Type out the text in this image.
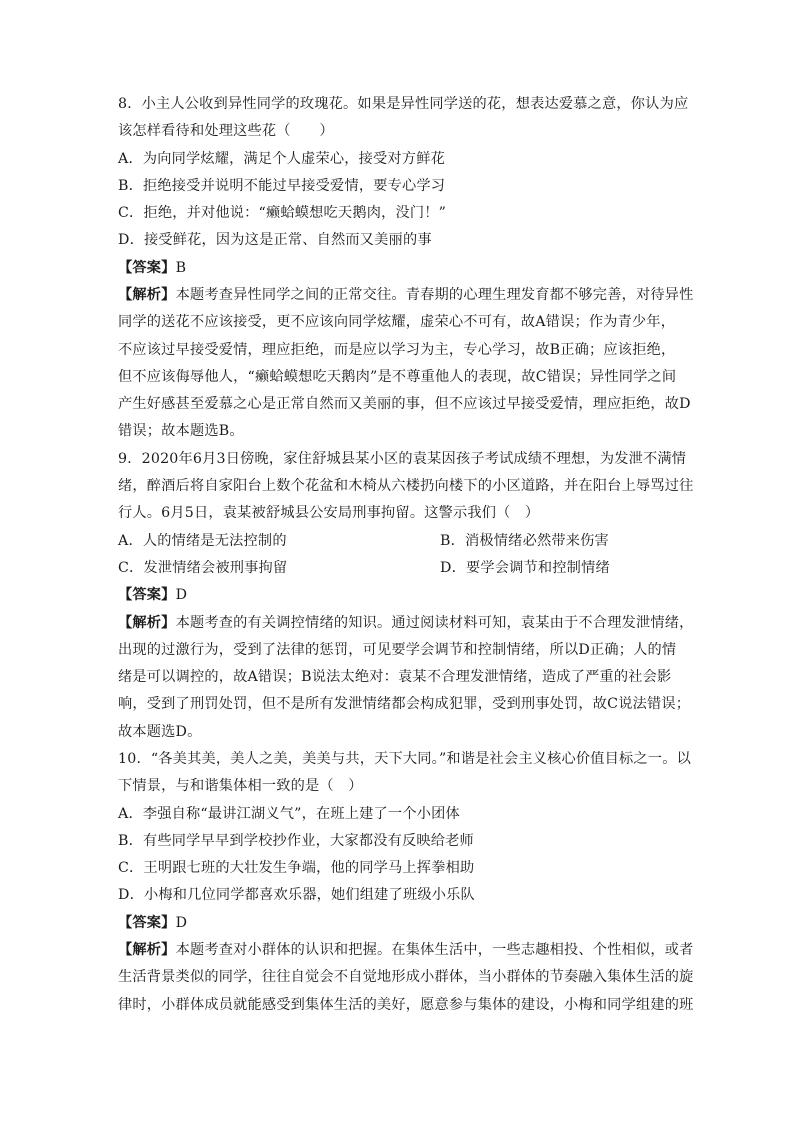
8．小主人公收到异性同学的玫瑰花。如果是异性同学送的花，想表达爱慕之意，你认为应
该怎样看待和处理这些花（　　）
A．为向同学炫耀，满足个人虚荣心，接受对方鲜花
B．拒绝接受并说明不能过早接受爱情，要专心学习
C．拒绝，并对他说：“癞蛤蟆想吃天鹅肉，没门！”
D．接受鲜花，因为这是正常、自然而又美丽的事
【答案】B
【解析】本题考查异性同学之间的正常交往。青春期的心理生理发育都不够完善，对待异性
同学的送花不应该接受，更不应该向同学炫耀，虚荣心不可有，故A错误；作为青少年，
不应该过早接受爱情，理应拒绝，而是应以学习为主，专心学习，故B正确；应该拒绝，
但不应该侮辱他人，“癞蛤蟆想吃天鹅肉”是不尊重他人的表现，故C错误；异性同学之间
产生好感甚至爱慕之心是正常自然而又美丽的事，但不应该过早接受爱情，理应拒绝，故D
错误；故本题选B。
9．2020年6月3日傍晚，家住舒城县某小区的袁某因孩子考试成绩不理想，为发泄不满情
绪，醉酒后将自家阳台上数个花盆和木椅从六楼扔向楼下的小区道路，并在阳台上辱骂过往
行人。6月5日，袁某被舒城县公安局刑事拘留。这警示我们（　）
A．人的情绪是无法控制的	B．消极情绪必然带来伤害
C．发泄情绪会被刑事拘留	D．要学会调节和控制情绪
【答案】D
【解析】本题考查的有关调控情绪的知识。通过阅读材料可知，袁某由于不合理发泄情绪，
出现的过激行为，受到了法律的惩罚，可见要学会调节和控制情绪，所以D正确；人的情
绪是可以调控的，故A错误；B说法太绝对：袁某不合理发泄情绪，造成了严重的社会影
响，受到了刑罚处罚，但不是所有发泄情绪都会构成犯罪，受到刑事处罚，故C说法错误；
故本题选D。
10．“各美其美，美人之美，美美与共，天下大同。”和谐是社会主义核心价值目标之一。以
下情景，与和谐集体相一致的是（　）
A．李强自称“最讲江湖义气”，在班上建了一个小团体
B．有些同学早早到学校抄作业，大家都没有反映给老师
C．王明跟七班的大壮发生争端，他的同学马上挥拳相助
D．小梅和几位同学都喜欢乐器，她们组建了班级小乐队
【答案】D
【解析】本题考查对小群体的认识和把握。在集体生活中，一些志趣相投、个性相似，或者
生活背景类似的同学，往往自觉会不自觉地形成小群体，当小群体的节奏融入集体生活的旋
律时，小群体成员就能感受到集体生活的美好，愿意参与集体的建设，小梅和同学组建的班
